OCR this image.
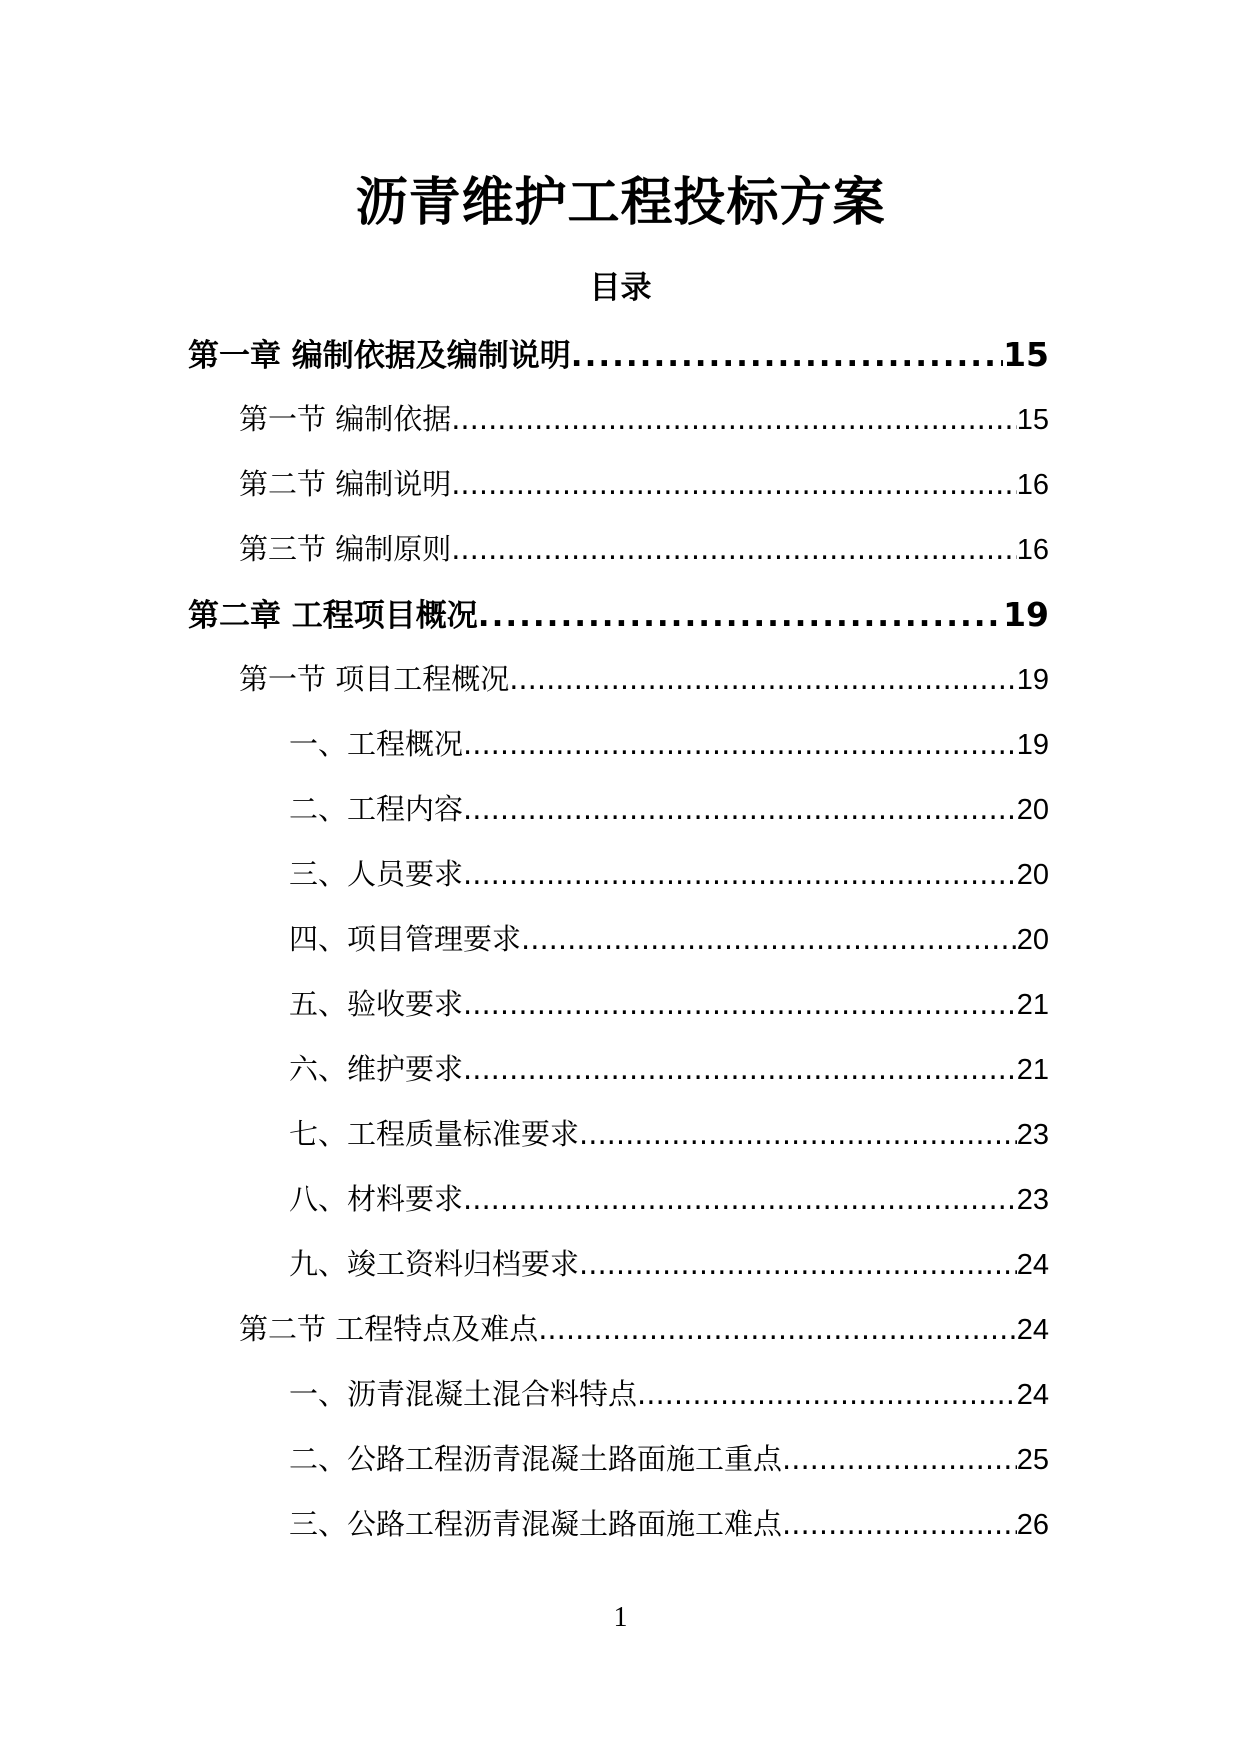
沥青维护工程投标方案
目录
第一章 编制依据及编制说明 .....	15
第一节 编制依据 .....	15
第二节 编制说明 .....	16
第三节 编制原则 .....	16
第二章 工程项目概况 .....	19
第一节 项目工程概况 .....	19
一、工程概况 .....	19
二、工程内容 .....	20
三、人员要求 .....	20
四、项目管理要求 .....	20
五、验收要求 .....	21
六、维护要求 .....	21
七、工程质量标准要求 .....	23
八、材料要求 .....	23
九、竣工资料归档要求 .....	24
第二节 工程特点及难点 .....	24
一、沥青混凝土混合料特点 .....	24
二、公路工程沥青混凝土路面施工重点 .....	25
三、公路工程沥青混凝土路面施工难点 .....	26
1
